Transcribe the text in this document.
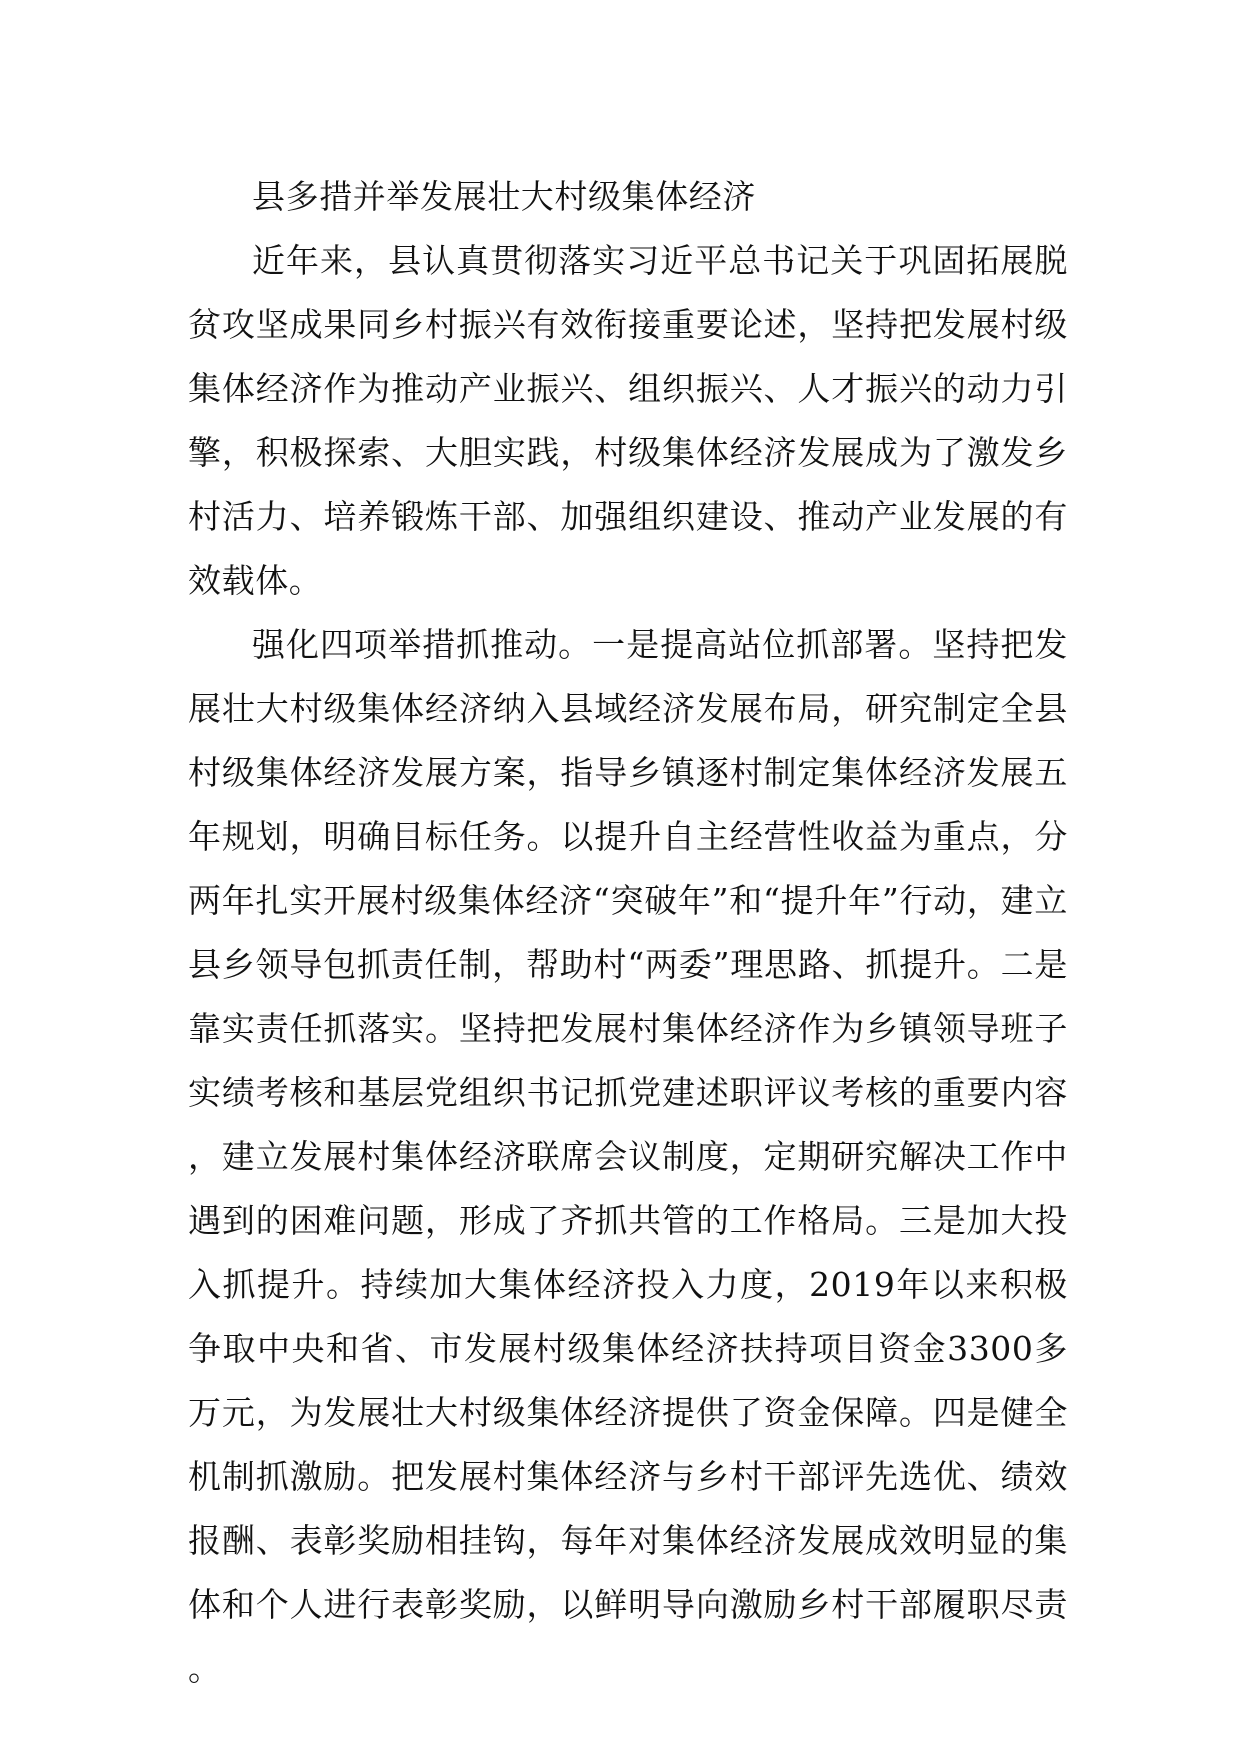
县多措并举发展壮大村级集体经济

近年来，县认真贯彻落实习近平总书记关于巩固拓展脱贫攻坚成果同乡村振兴有效衔接重要论述，坚持把发展村级集体经济作为推动产业振兴、组织振兴、人才振兴的动力引擎，积极探索、大胆实践，村级集体经济发展成为了激发乡村活力、培养锻炼干部、加强组织建设、推动产业发展的有效载体。

强化四项举措抓推动。一是提高站位抓部署。坚持把发展壮大村级集体经济纳入县域经济发展布局，研究制定全县村级集体经济发展方案，指导乡镇逐村制定集体经济发展五年规划，明确目标任务。以提升自主经营性收益为重点，分两年扎实开展村级集体经济“突破年”和“提升年”行动，建立县乡领导包抓责任制，帮助村“两委”理思路、抓提升。二是靠实责任抓落实。坚持把发展村集体经济作为乡镇领导班子实绩考核和基层党组织书记抓党建述职评议考核的重要内容，建立发展村集体经济联席会议制度，定期研究解决工作中遇到的困难问题，形成了齐抓共管的工作格局。三是加大投入抓提升。持续加大集体经济投入力度，2019年以来积极争取中央和省、市发展村级集体经济扶持项目资金3300多万元，为发展壮大村级集体经济提供了资金保障。四是健全机制抓激励。把发展村集体经济与乡村干部评先选优、绩效报酬、表彰奖励相挂钩，每年对集体经济发展成效明显的集体和个人进行表彰奖励，以鲜明导向激励乡村干部履职尽责。
